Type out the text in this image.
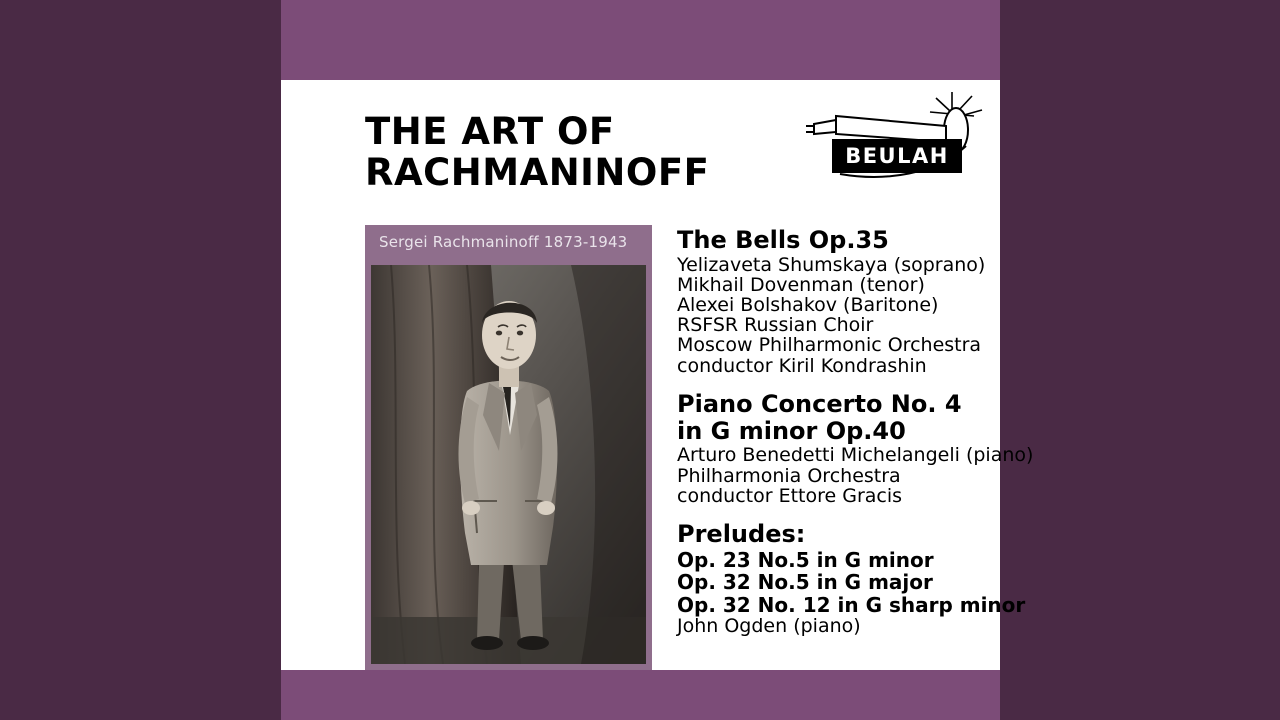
THE ART OF
RACHMANINOFF	BEULAH
Sergei Rachmaninoff 1873-1943 The Bells Op.35
Yelizaveta Shumskaya (soprano)
Mikhail Dovenman (tenor)
Alexei Bolshakov (Baritone)
RSFSR Russian Choir
Moscow Philharmonic Orchestra
conductor Kiril Kondrashin
Piano Concerto No. 4
in G minor Op.40
Arturo Benedetti Michelangeli (piano)
Philharmonia Orchestra
conductor Ettore Gracis
Preludes:
Op. 23 No.5 in G minor
Op. 32 No.5 in G major
Op. 32 No. 12 in G sharp minor
John Ogden (piano)
